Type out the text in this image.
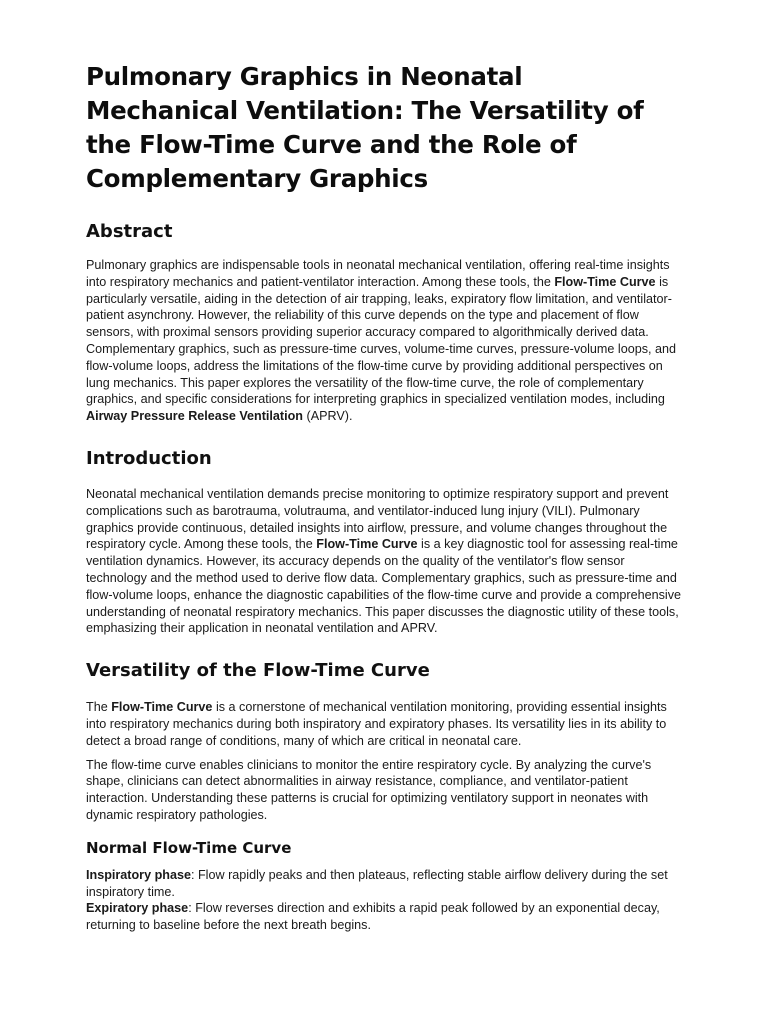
Pulmonary Graphics in Neonatal Mechanical Ventilation: The Versatility of the Flow-Time Curve and the Role of Complementary Graphics
Abstract

Pulmonary graphics are indispensable tools in neonatal mechanical ventilation, offering real-time insights into respiratory mechanics and patient-ventilator interaction. Among these tools, the Flow-Time Curve is particularly versatile, aiding in the detection of air trapping, leaks, expiratory flow limitation, and ventilator-patient asynchrony. However, the reliability of this curve depends on the type and placement of flow sensors, with proximal sensors providing superior accuracy compared to algorithmically derived data. Complementary graphics, such as pressure-time curves, volume-time curves, pressure-volume loops, and flow-volume loops, address the limitations of the flow-time curve by providing additional perspectives on lung mechanics. This paper explores the versatility of the flow-time curve, the role of complementary graphics, and specific considerations for interpreting graphics in specialized ventilation modes, including Airway Pressure Release Ventilation (APRV).

Introduction

Neonatal mechanical ventilation demands precise monitoring to optimize respiratory support and prevent complications such as barotrauma, volutrauma, and ventilator-induced lung injury (VILI). Pulmonary graphics provide continuous, detailed insights into airflow, pressure, and volume changes throughout the respiratory cycle. Among these tools, the Flow-Time Curve is a key diagnostic tool for assessing real-time ventilation dynamics. However, its accuracy depends on the quality of the ventilator's flow sensor technology and the method used to derive flow data. Complementary graphics, such as pressure-time and flow-volume loops, enhance the diagnostic capabilities of the flow-time curve and provide a comprehensive understanding of neonatal respiratory mechanics. This paper discusses the diagnostic utility of these tools, emphasizing their application in neonatal ventilation and APRV.

Versatility of the Flow-Time Curve

The Flow-Time Curve is a cornerstone of mechanical ventilation monitoring, providing essential insights into respiratory mechanics during both inspiratory and expiratory phases. Its versatility lies in its ability to detect a broad range of conditions, many of which are critical in neonatal care.

The flow-time curve enables clinicians to monitor the entire respiratory cycle. By analyzing the curve's shape, clinicians can detect abnormalities in airway resistance, compliance, and ventilator-patient interaction. Understanding these patterns is crucial for optimizing ventilatory support in neonates with dynamic respiratory pathologies.

Normal Flow-Time Curve

Inspiratory phase: Flow rapidly peaks and then plateaus, reflecting stable airflow delivery during the set inspiratory time.

Expiratory phase: Flow reverses direction and exhibits a rapid peak followed by an exponential decay, returning to baseline before the next breath begins.
